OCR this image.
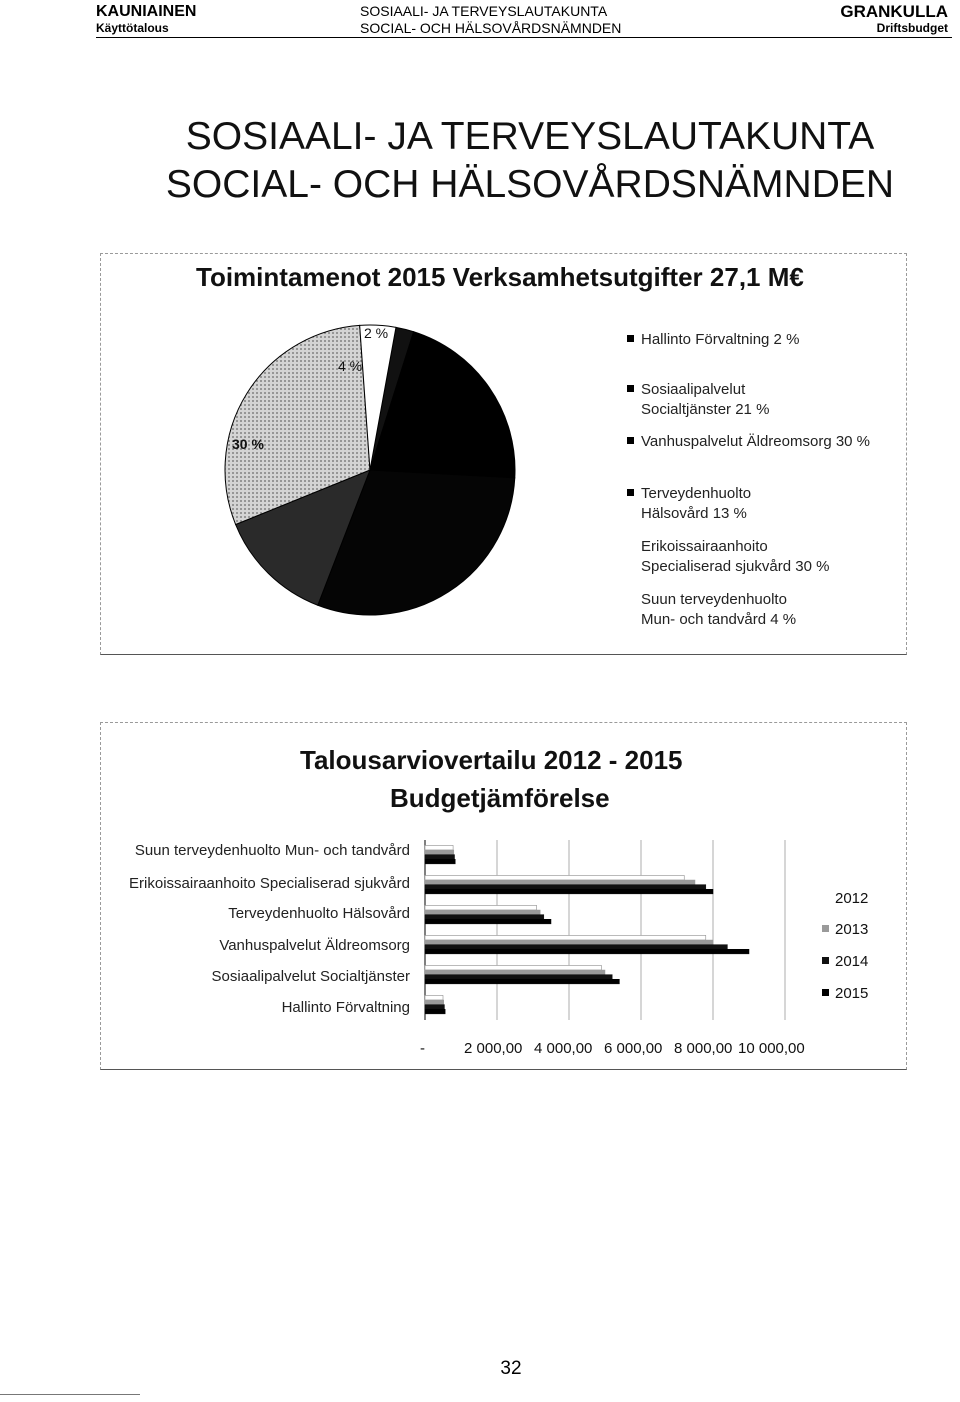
KAUNIAINEN
Käyttötalous
SOSIAALI- JA TERVEYSLAUTAKUNTA
SOCIAL- OCH HÄLSOVÅRDSNÄMNDEN
GRANKULLA
Driftsbudget
SOSIAALI- JA TERVEYSLAUTAKUNTA
SOCIAL- OCH HÄLSOVÅRDSNÄMNDEN
Toimintamenot 2015 Verksamhetsutgifter 27,1 M€
2 %
4 %
30 %
Hallinto Förvaltning 2 %
Sosiaalipalvelut
Socialtjänster 21 %
Vanhuspalvelut Äldreomsorg 30 %
Terveydenhuolto
Hälsovård 13 %
Erikoissairaanhoito
Specialiserad sjukvård 30 %
Suun terveydenhuolto
Mun- och tandvård 4 %
Talousarviovertailu 2012 - 2015
Budgetjämförelse
Suun terveydenhuolto Mun- och tandvård
Erikoissairaanhoito Specialiserad sjukvård
Terveydenhuolto Hälsovård
Vanhuspalvelut Äldreomsorg
Sosiaalipalvelut Socialtjänster
Hallinto Förvaltning
-	2 000,00 4 000,00 6 000,00 8 000,00 10 000,00
2012
2013
2014
2015
32
